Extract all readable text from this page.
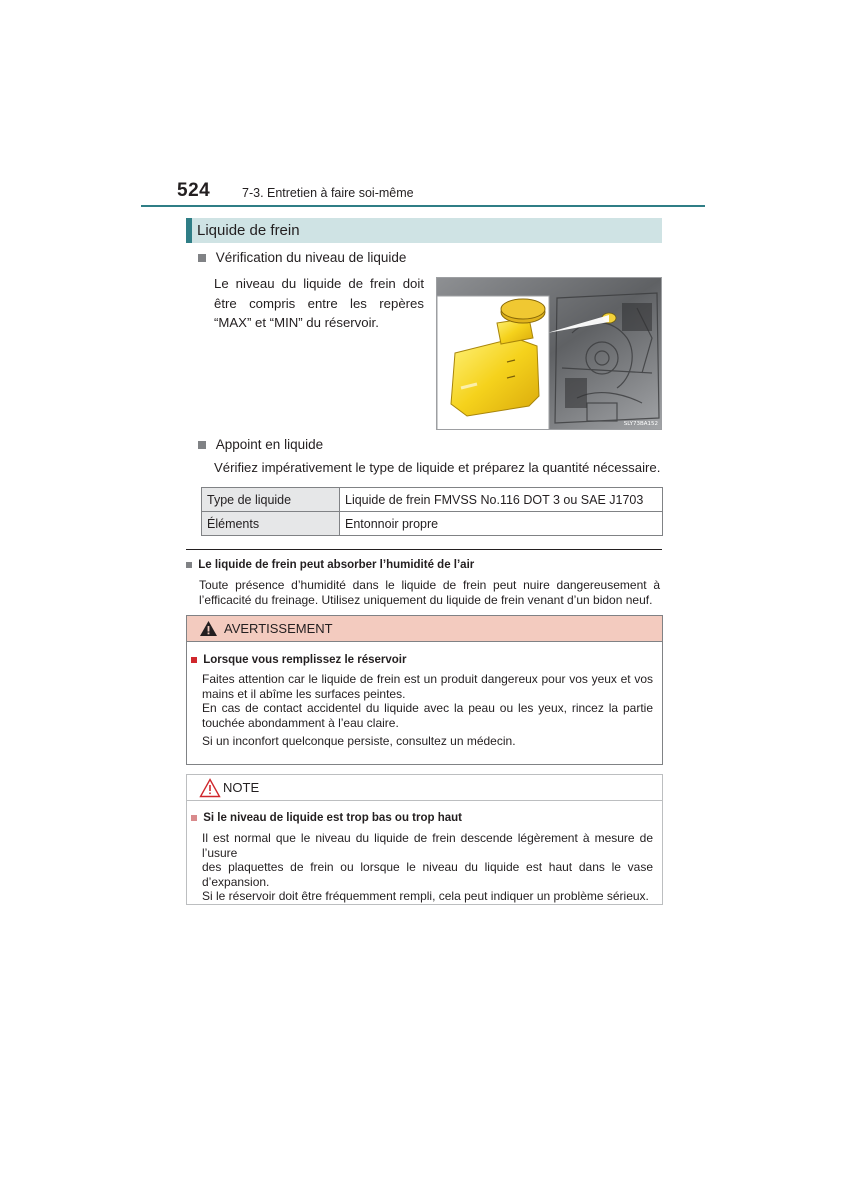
524	7-3. Entretien à faire soi-même
Liquide de frein
Vérification du niveau de liquide
Le niveau du liquide de frein doit
être compris entre les repères
“MAX” et “MIN” du réservoir.
SLY73BA152
Appoint en liquide
Vérifiez impérativement le type de liquide et préparez la quantité nécessaire.
Type de liquide	Liquide de frein FMVSS No.116 DOT 3 ou SAE J1703
Éléments	Entonnoir propre
Le liquide de frein peut absorber l’humidité de l’air
Toute présence d’humidité dans le liquide de frein peut nuire dangereusement à
l’efficacité du freinage. Utilisez uniquement du liquide de frein venant d’un bidon neuf.
AVERTISSEMENT
Lorsque vous remplissez le réservoir
Faites attention car le liquide de frein est un produit dangereux pour vos yeux et vos
mains et il abîme les surfaces peintes.
En cas de contact accidentel du liquide avec la peau ou les yeux, rincez la partie
touchée abondamment à l’eau claire.
Si un inconfort quelconque persiste, consultez un médecin.
NOTE
Si le niveau de liquide est trop bas ou trop haut
Il est normal que le niveau du liquide de frein descende légèrement à mesure de l’usure
des plaquettes de frein ou lorsque le niveau du liquide est haut dans le vase
d’expansion.
Si le réservoir doit être fréquemment rempli, cela peut indiquer un problème sérieux.
